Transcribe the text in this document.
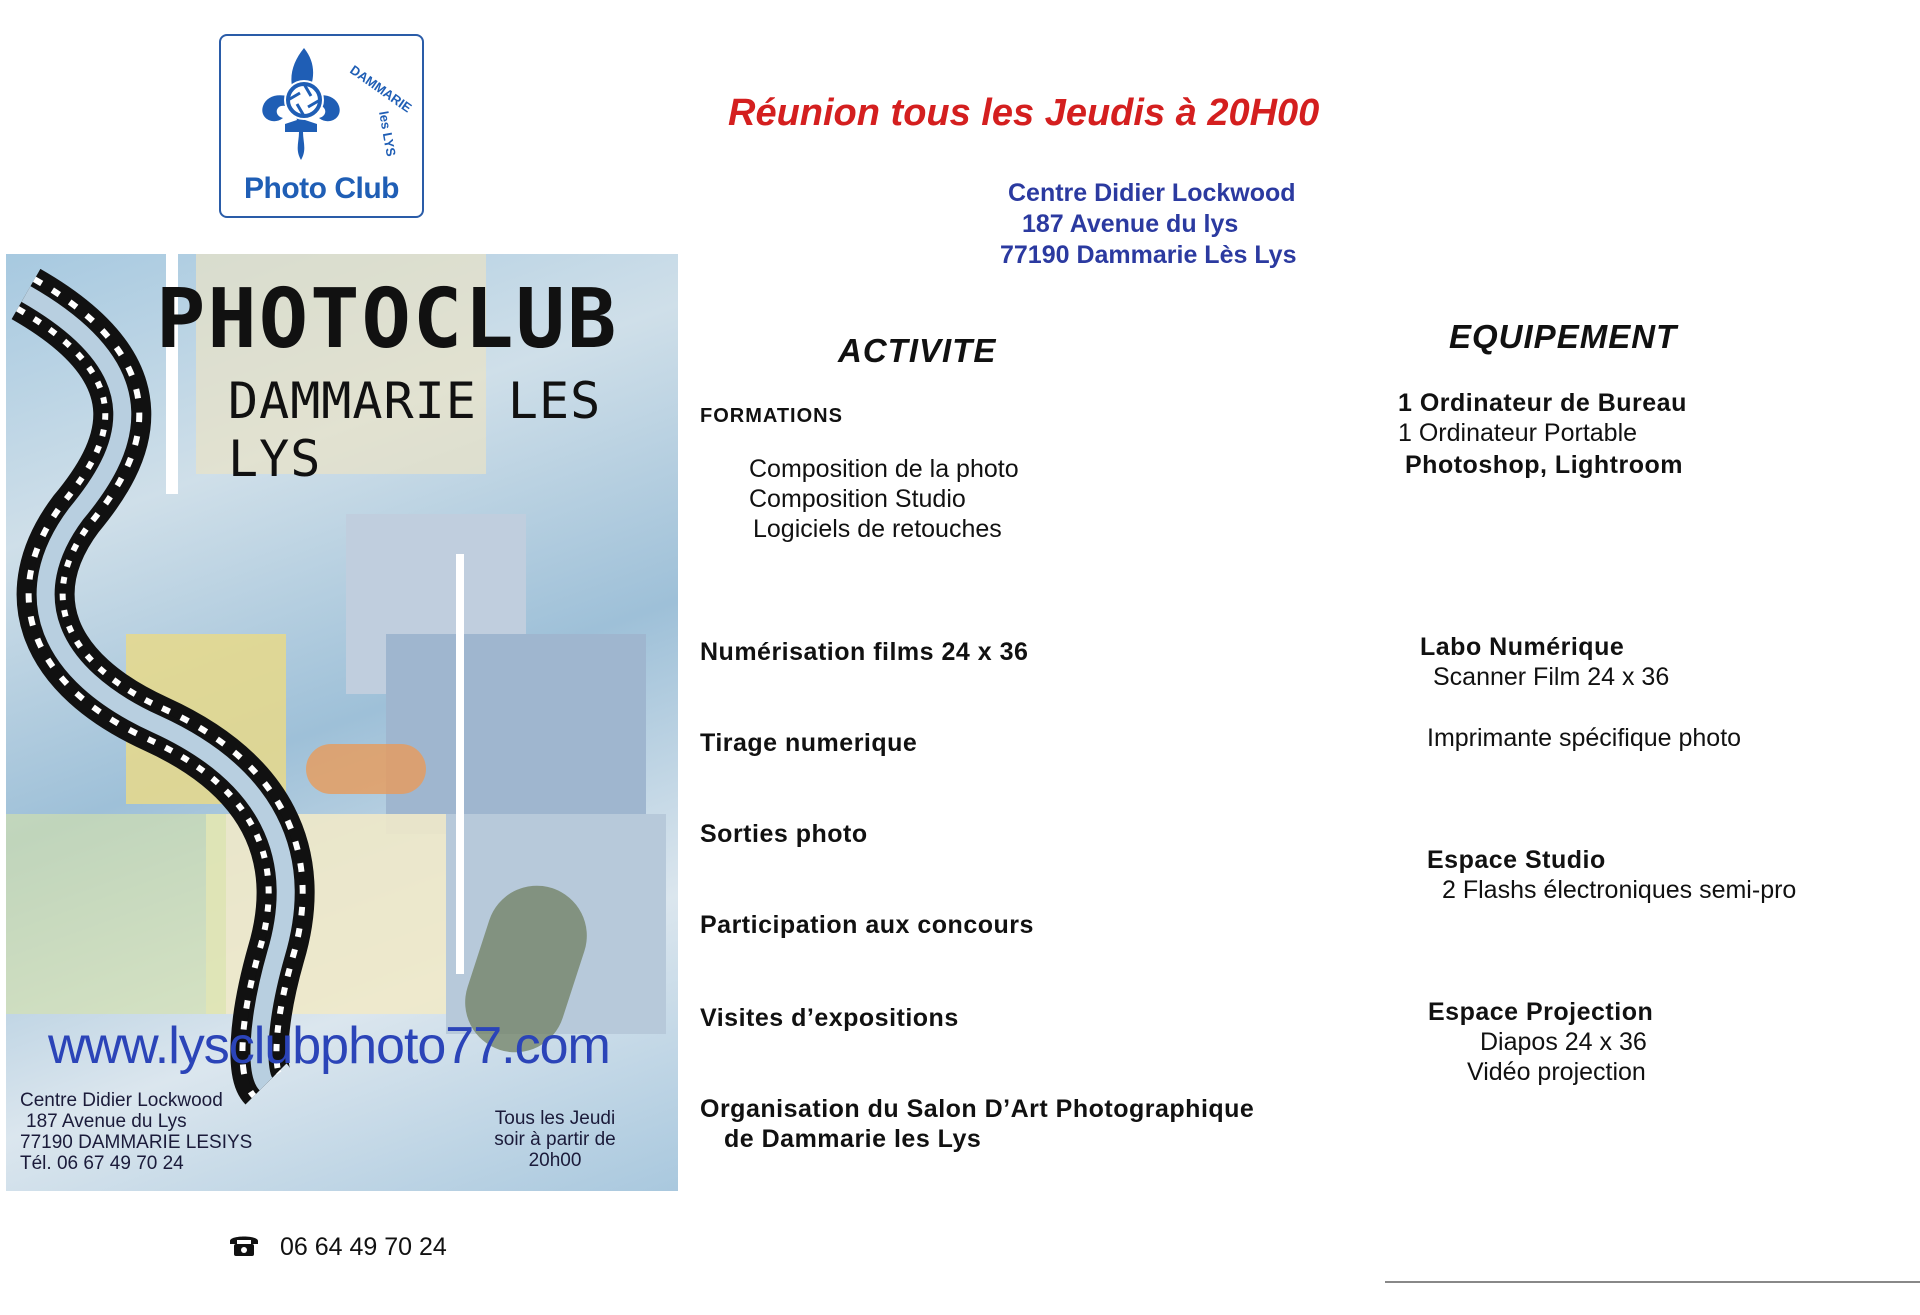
DAMMARIE
les LYS
Photo Club
PHOTOCLUB
DAMMARIE LES LYS
www.lysclubphoto77.com
Centre Didier Lockwood
187 Avenue du Lys
77190 DAMMARIE LESIYS
Tél. 06 67 49 70 24
Tous les Jeudi
soir à partir de
20h00
Réunion tous les Jeudis à 20H00
Centre Didier Lockwood
187 Avenue du lys
77190 Dammarie Lès Lys
ACTIVITE
FORMATIONS
Composition de la photo
Composition Studio
Logiciels de retouches
Numérisation films 24 x 36
Tirage numerique
Sorties photo
Participation aux concours
Visites d’expositions
Organisation du Salon D’Art Photographique
de Dammarie les Lys
EQUIPEMENT
1 Ordinateur de Bureau
1 Ordinateur Portable
Photoshop, Lightroom
Labo Numérique
Scanner Film 24 x 36
Imprimante spécifique photo
Espace Studio
2 Flashs électroniques semi-pro
Espace Projection
Diapos 24 x 36
Vidéo projection
06 64 49 70 24
